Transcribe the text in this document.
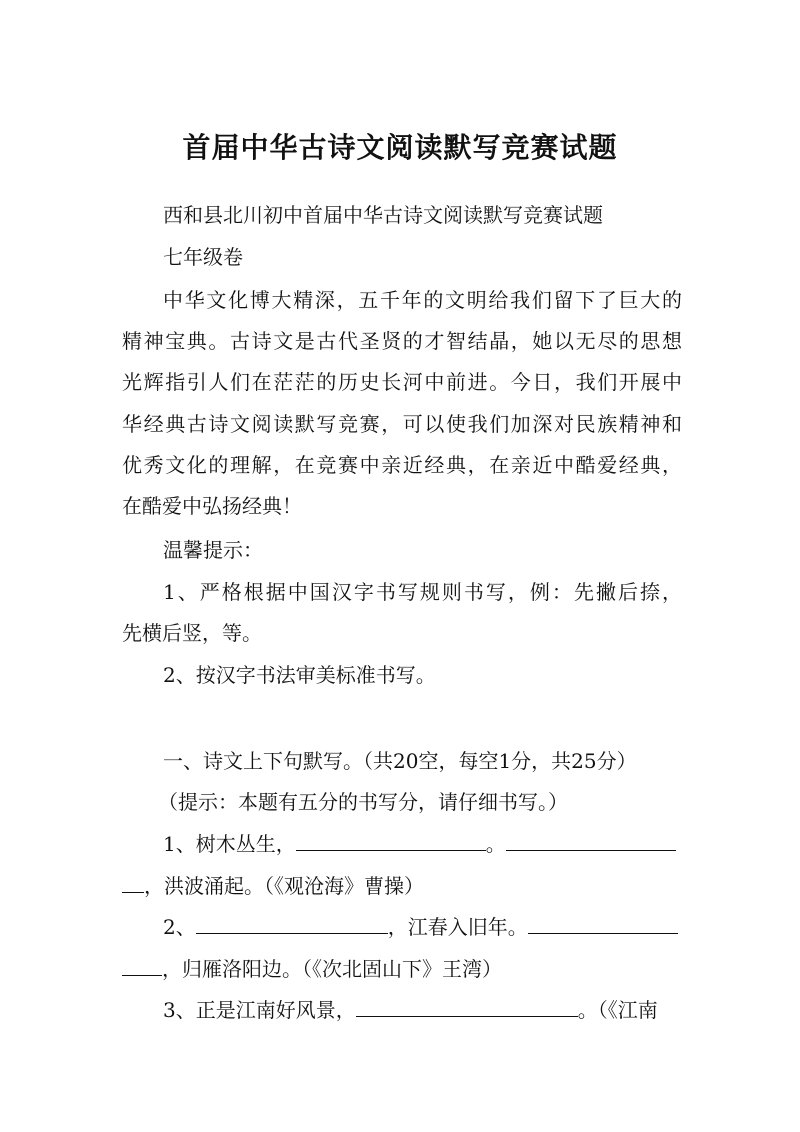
首届中华古诗文阅读默写竞赛试题
西和县北川初中首届中华古诗文阅读默写竞赛试题
七年级卷
中华文化博大精深，五千年的文明给我们留下了巨大的
精神宝典。古诗文是古代圣贤的才智结晶，她以无尽的思想
光辉指引人们在茫茫的历史长河中前进。今日，我们开展中
华经典古诗文阅读默写竞赛，可以使我们加深对民族精神和
优秀文化的理解，在竞赛中亲近经典，在亲近中酷爱经典，
在酷爱中弘扬经典！
温馨提示：
1、严格根据中国汉字书写规则书写，例：先撇后捺，
先横后竖，等。
2、按汉字书法审美标准书写。
一、诗文上下句默写。（共20空，每空1分，共25分）
（提示：本题有五分的书写分，请仔细书写。）
1、树木丛生，	。
，洪波涌起。（《观沧海》曹操）
2、	，江春入旧年。
，归雁洛阳边。（《次北固山下》王湾）
3、正是江南好风景，	。（《江南
